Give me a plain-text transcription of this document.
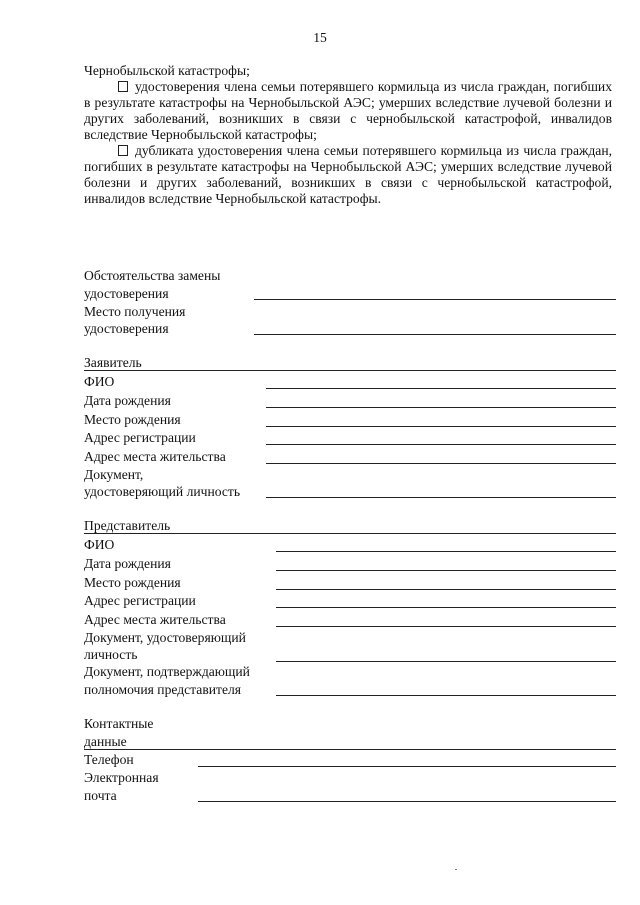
15

Чернобыльской катастрофы;

удостоверения члена семьи потерявшего кормильца из числа граждан, погибших в результате катастрофы на Чернобыльской АЭС; умерших вследствие лучевой болезни и других заболеваний, возникших в связи с чернобыльской катастрофой, инвалидов вследствие Чернобыльской катастрофы;

дубликата удостоверения члена семьи потерявшего кормильца из числа граждан, погибших в результате катастрофы на Чернобыльской АЭС; умерших вследствие лучевой болезни и других заболеваний, возникших в связи с чернобыльской катастрофой, инвалидов вследствие Чернобыльской катастрофы.

Обстоятельства замены
удостоверения
Место получения
удостоверения
Заявитель
ФИО
Дата рождения
Место рождения
Адрес регистрации
Адрес места жительства
Документ,
удостоверяющий личность
Представитель
ФИО
Дата рождения
Место рождения
Адрес регистрации
Адрес места жительства
Документ, удостоверяющий
личность
Документ, подтверждающий
полномочия представителя
Контактные
данные
Телефон
Электронная
почта
